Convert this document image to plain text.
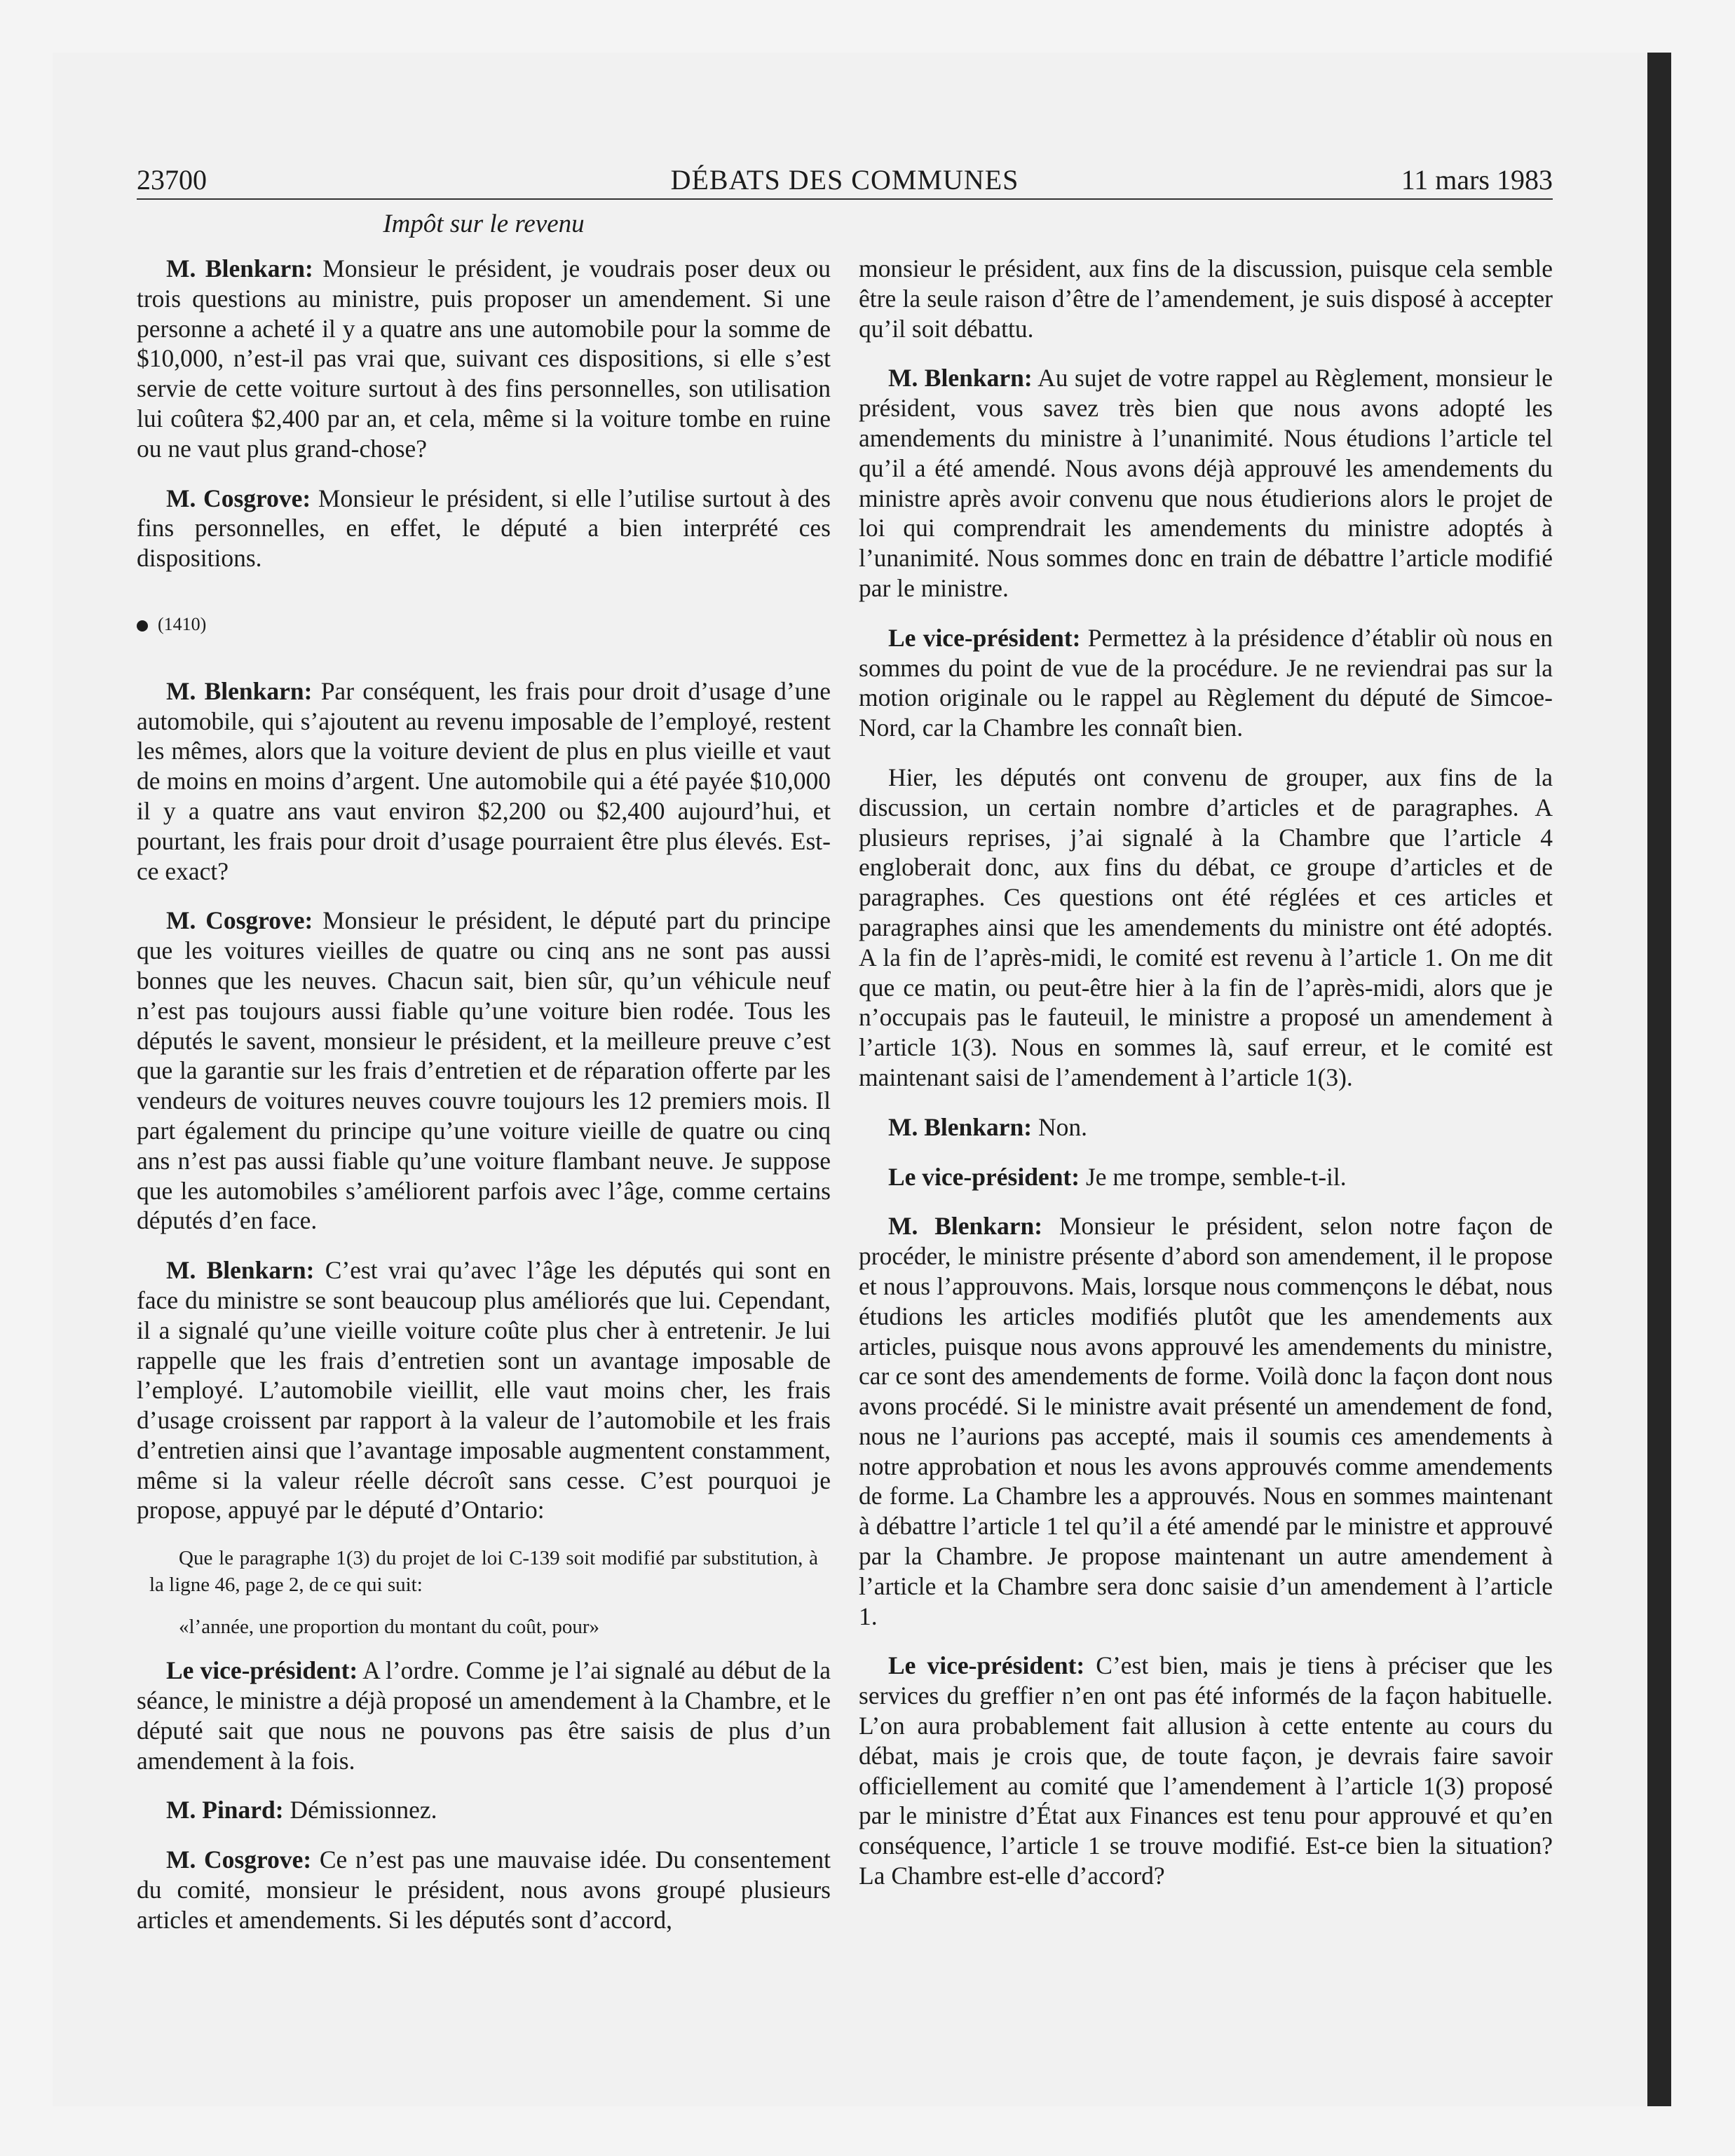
23700	DÉBATS DES COMMUNES	11 mars 1983
Impôt sur le revenu

M. Blenkarn: Monsieur le président, je voudrais poser deux ou trois questions au ministre, puis proposer un amendement. Si une personne a acheté il y a quatre ans une automobile pour la somme de $10,000, n’est-il pas vrai que, suivant ces dispositions, si elle s’est servie de cette voiture surtout à des fins personnelles, son utilisation lui coûtera $2,400 par an, et cela, même si la voiture tombe en ruine ou ne vaut plus grand-chose?

M. Cosgrove: Monsieur le président, si elle l’utilise surtout à des fins personnelles, en effet, le député a bien interprété ces dispositions.

(1410)

M. Blenkarn: Par conséquent, les frais pour droit d’usage d’une automobile, qui s’ajoutent au revenu imposable de l’employé, restent les mêmes, alors que la voiture devient de plus en plus vieille et vaut de moins en moins d’argent. Une automobile qui a été payée $10,000 il y a quatre ans vaut environ $2,200 ou $2,400 aujourd’hui, et pourtant, les frais pour droit d’usage pourraient être plus élevés. Est-ce exact?

M. Cosgrove: Monsieur le président, le député part du principe que les voitures vieilles de quatre ou cinq ans ne sont pas aussi bonnes que les neuves. Chacun sait, bien sûr, qu’un véhicule neuf n’est pas toujours aussi fiable qu’une voiture bien rodée. Tous les députés le savent, monsieur le président, et la meilleure preuve c’est que la garantie sur les frais d’entretien et de réparation offerte par les vendeurs de voitures neuves couvre toujours les 12 premiers mois. Il part également du principe qu’une voiture vieille de quatre ou cinq ans n’est pas aussi fiable qu’une voiture flambant neuve. Je suppose que les automobiles s’améliorent parfois avec l’âge, comme certains députés d’en face.

M. Blenkarn: C’est vrai qu’avec l’âge les députés qui sont en face du ministre se sont beaucoup plus améliorés que lui. Cependant, il a signalé qu’une vieille voiture coûte plus cher à entretenir. Je lui rappelle que les frais d’entretien sont un avantage imposable de l’employé. L’automobile vieillit, elle vaut moins cher, les frais d’usage croissent par rapport à la valeur de l’automobile et les frais d’entretien ainsi que l’avantage imposable augmentent constamment, même si la valeur réelle décroît sans cesse. C’est pourquoi je propose, appuyé par le député d’Ontario:

Que le paragraphe 1(3) du projet de loi C-139 soit modifié par substitution, à la ligne 46, page 2, de ce qui suit:

«l’année, une proportion du montant du coût, pour»

Le vice-président: A l’ordre. Comme je l’ai signalé au début de la séance, le ministre a déjà proposé un amendement à la Chambre, et le député sait que nous ne pouvons pas être saisis de plus d’un amendement à la fois.

M. Pinard: Démissionnez.

M. Cosgrove: Ce n’est pas une mauvaise idée. Du consentement du comité, monsieur le président, nous avons groupé plusieurs articles et amendements. Si les députés sont d’accord,

monsieur le président, aux fins de la discussion, puisque cela semble être la seule raison d’être de l’amendement, je suis disposé à accepter qu’il soit débattu.

M. Blenkarn: Au sujet de votre rappel au Règlement, monsieur le président, vous savez très bien que nous avons adopté les amendements du ministre à l’unanimité. Nous étudions l’article tel qu’il a été amendé. Nous avons déjà approuvé les amendements du ministre après avoir convenu que nous étudierions alors le projet de loi qui comprendrait les amendements du ministre adoptés à l’unanimité. Nous sommes donc en train de débattre l’article modifié par le ministre.

Le vice-président: Permettez à la présidence d’établir où nous en sommes du point de vue de la procédure. Je ne reviendrai pas sur la motion originale ou le rappel au Règlement du député de Simcoe-Nord, car la Chambre les connaît bien.

Hier, les députés ont convenu de grouper, aux fins de la discussion, un certain nombre d’articles et de paragraphes. A plusieurs reprises, j’ai signalé à la Chambre que l’article 4 engloberait donc, aux fins du débat, ce groupe d’articles et de paragraphes. Ces questions ont été réglées et ces articles et paragraphes ainsi que les amendements du ministre ont été adoptés. A la fin de l’après-midi, le comité est revenu à l’article 1. On me dit que ce matin, ou peut-être hier à la fin de l’après-midi, alors que je n’occupais pas le fauteuil, le ministre a proposé un amendement à l’article 1(3). Nous en sommes là, sauf erreur, et le comité est maintenant saisi de l’amendement à l’article 1(3).

M. Blenkarn: Non.

Le vice-président: Je me trompe, semble-t-il.

M. Blenkarn: Monsieur le président, selon notre façon de procéder, le ministre présente d’abord son amendement, il le propose et nous l’approuvons. Mais, lorsque nous commençons le débat, nous étudions les articles modifiés plutôt que les amendements aux articles, puisque nous avons approuvé les amendements du ministre, car ce sont des amendements de forme. Voilà donc la façon dont nous avons procédé. Si le ministre avait présenté un amendement de fond, nous ne l’aurions pas accepté, mais il soumis ces amendements à notre approbation et nous les avons approuvés comme amendements de forme. La Chambre les a approuvés. Nous en sommes maintenant à débattre l’article 1 tel qu’il a été amendé par le ministre et approuvé par la Chambre. Je propose maintenant un autre amendement à l’article et la Chambre sera donc saisie d’un amendement à l’article 1.

Le vice-président: C’est bien, mais je tiens à préciser que les services du greffier n’en ont pas été informés de la façon habituelle. L’on aura probablement fait allusion à cette entente au cours du débat, mais je crois que, de toute façon, je devrais faire savoir officiellement au comité que l’amendement à l’article 1(3) proposé par le ministre d’État aux Finances est tenu pour approuvé et qu’en conséquence, l’article 1 se trouve modifié. Est-ce bien la situation? La Chambre est-elle d’accord?
